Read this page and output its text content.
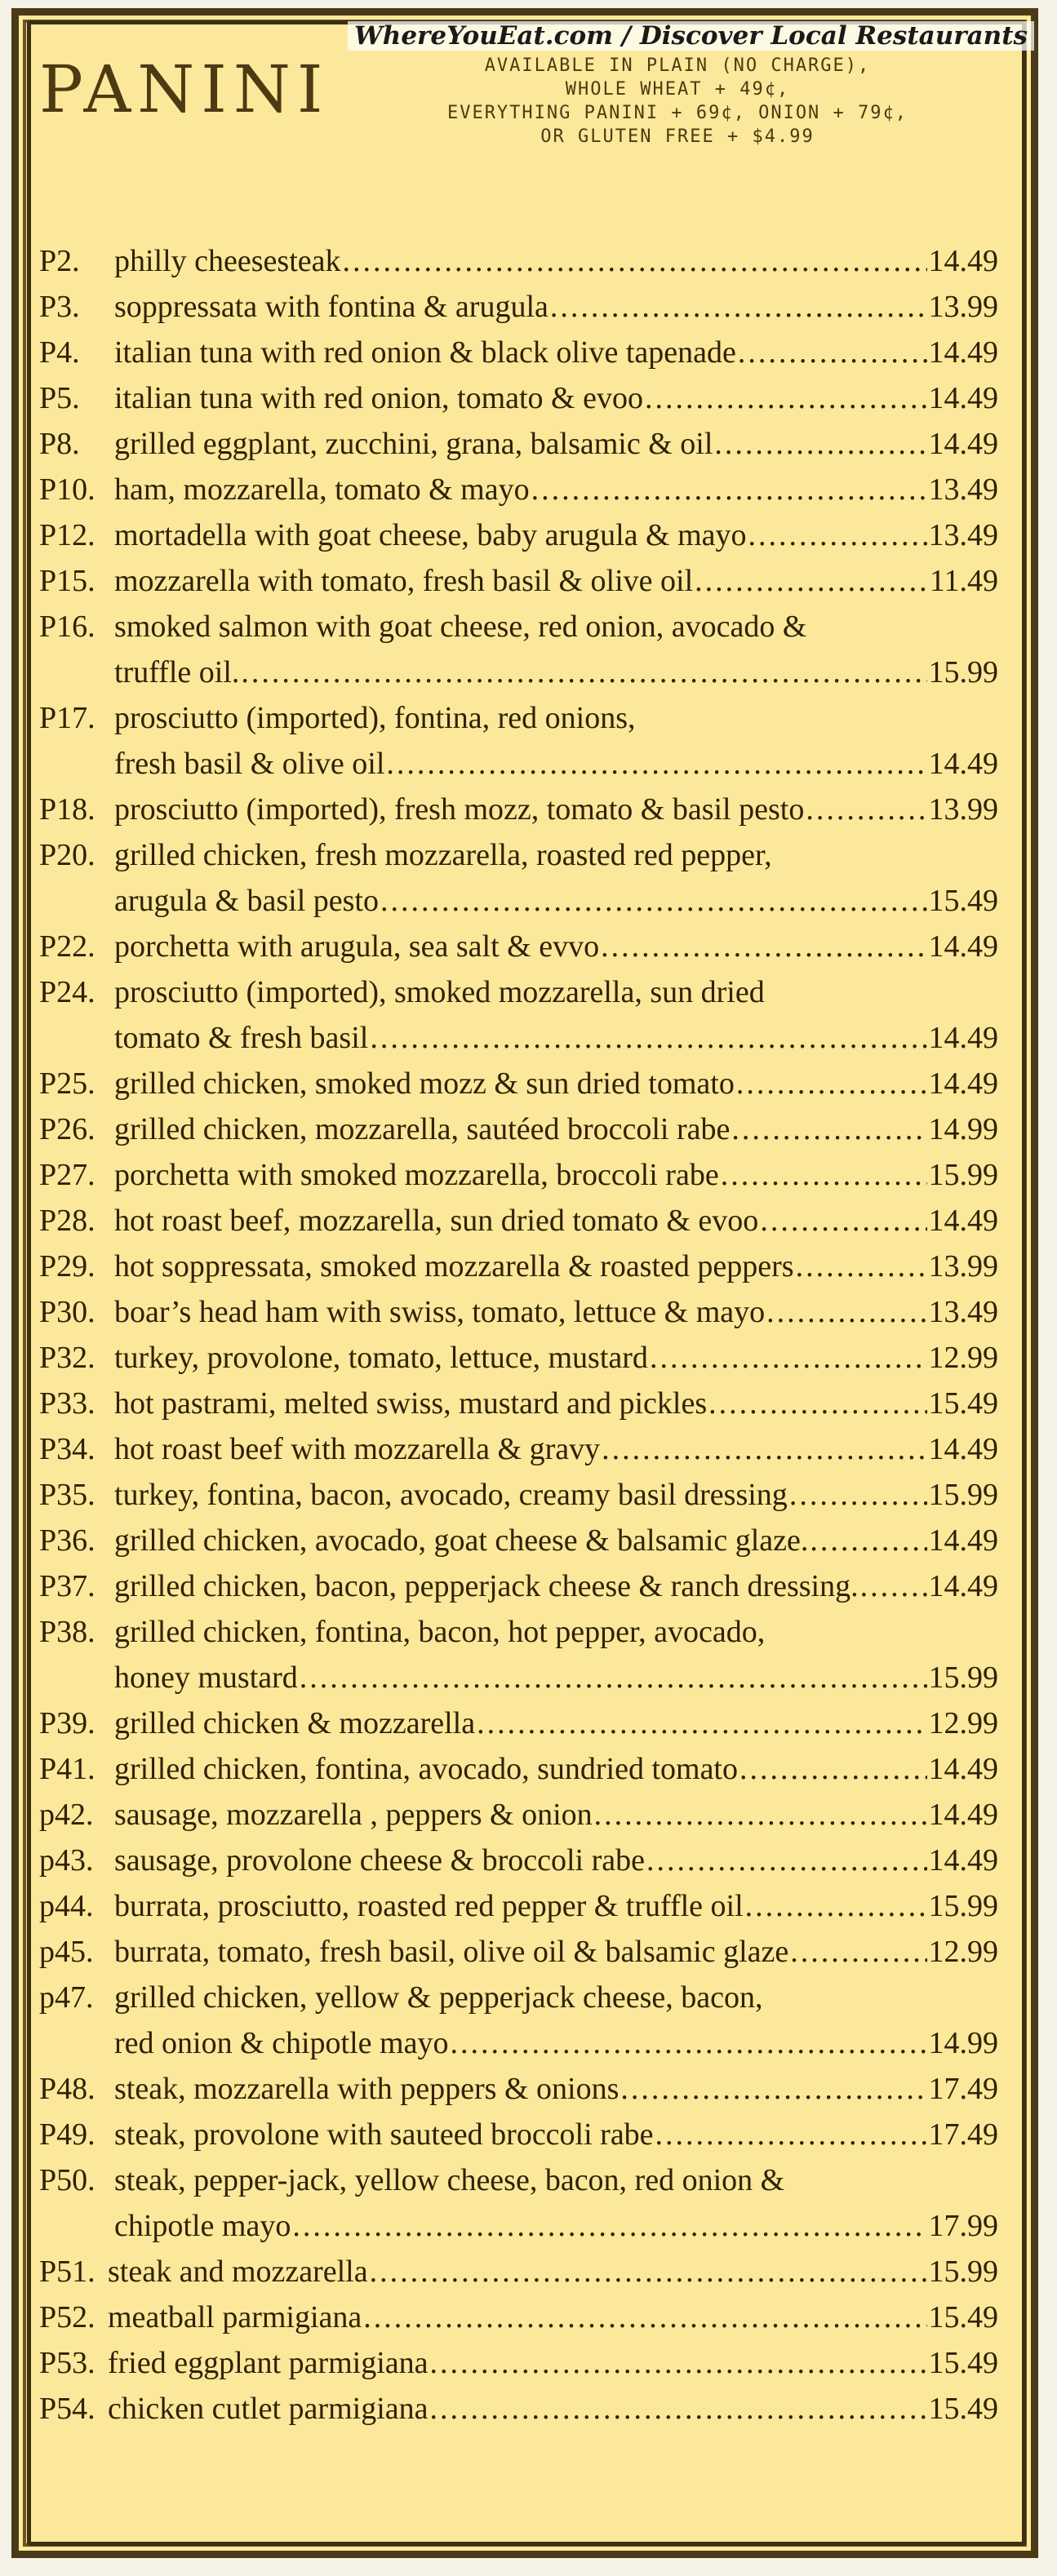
WhereYouEat.com / Discover Local Restaurants
PANINI	AVAILABLE IN PLAIN (NO CHARGE),
WHOLE WHEAT + 49¢,
EVERYTHING PANINI + 69¢, ONION + 79¢,
OR GLUTEN FREE + $4.99
P2.	philly cheesesteak .....	14.49
P3.	soppressata with fontina & arugula .....	13.99
P4.	italian tuna with red onion & black olive tapenade .....	14.49
P5.	italian tuna with red onion, tomato & evoo .....	14.49
P8.	grilled eggplant, zucchini, grana, balsamic & oil .....	14.49
P10. ham, mozzarella, tomato & mayo .....	13.49
P12. mortadella with goat cheese, baby arugula & mayo .....	13.49
P15. mozzarella with tomato, fresh basil & olive oil .....	11.49
P16. smoked salmon with goat cheese, red onion, avocado &
truffle oil. .....	15.99
P17. prosciutto (imported), fontina, red onions,
fresh basil & olive oil .....	14.49
P18. prosciutto (imported), fresh mozz, tomato & basil pesto .....	13.99
P20. grilled chicken, fresh mozzarella, roasted red pepper,
arugula & basil pesto .....	15.49
P22. porchetta with arugula, sea salt & evvo .....	14.49
P24. prosciutto (imported), smoked mozzarella, sun dried
tomato & fresh basil .....	14.49
P25. grilled chicken, smoked mozz & sun dried tomato .....	14.49
P26. grilled chicken, mozzarella, sautéed broccoli rabe .....	14.99
P27. porchetta with smoked mozzarella, broccoli rabe .....	15.99
P28. hot roast beef, mozzarella, sun dried tomato & evoo .....	14.49
P29. hot soppressata, smoked mozzarella & roasted peppers .....	13.99
P30. boar’s head ham with swiss, tomato, lettuce & mayo .....	13.49
P32. turkey, provolone, tomato, lettuce, mustard .....	12.99
P33. hot pastrami, melted swiss, mustard and pickles .....	15.49
P34. hot roast beef with mozzarella & gravy .....	14.49
P35. turkey, fontina, bacon, avocado, creamy basil dressing .....	15.99
P36. grilled chicken, avocado, goat cheese & balsamic glaze. .....	14.49
P37. grilled chicken, bacon, pepperjack cheese & ranch dressing. ..... 14.49
P38. grilled chicken, fontina, bacon, hot pepper, avocado,
honey mustard .....	15.99
P39. grilled chicken & mozzarella .....	12.99
P41. grilled chicken, fontina, avocado, sundried tomato .....	14.49
p42. sausage, mozzarella , peppers & onion .....	14.49
p43. sausage, provolone cheese & broccoli rabe .....	14.49
p44. burrata, prosciutto, roasted red pepper & truffle oil .....	15.99
p45. burrata, tomato, fresh basil, olive oil & balsamic glaze .....	12.99
p47. grilled chicken, yellow & pepperjack cheese, bacon,
red onion & chipotle mayo .....	14.99
P48. steak, mozzarella with peppers & onions .....	17.49
P49. steak, provolone with sauteed broccoli rabe .....	17.49
P50. steak, pepper-jack, yellow cheese, bacon, red onion &
chipotle mayo .....	17.99
P51. steak and mozzarella .....	15.99
P52. meatball parmigiana .....	15.49
P53. fried eggplant parmigiana .....	15.49
P54. chicken cutlet parmigiana .....	15.49
